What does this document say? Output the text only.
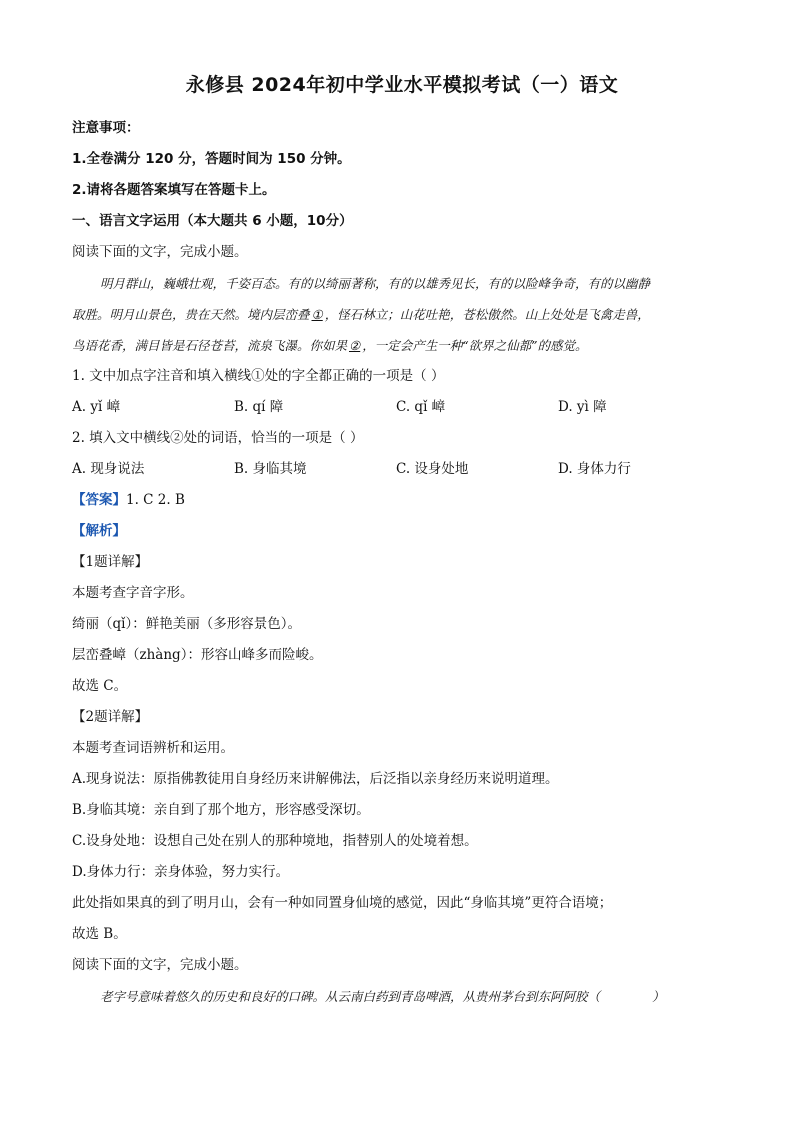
永修县 2024年初中学业水平模拟考试（一）语文
注意事项：
1.全卷满分 120 分，答题时间为 150 分钟。
2.请将各题答案填写在答题卡上。
一、语言文字运用（本大题共 6 小题，10分）
阅读下面的文字，完成小题。
明月群山，巍峨壮观，千姿百态。有的以绮丽著称，有的以雄秀见长，有的以险峰争奇，有的以幽静
取胜。明月山景色，贵在天然。境内层峦叠 ① ，怪石林立；山花吐艳，苍松傲然。山上处处是飞禽走兽，
鸟语花香，满目皆是石径苍苔，流泉飞瀑。你如果 ② ，一定会产生一种“欲界之仙都”的感觉。
1. 文中加点字注音和填入横线①处的字全都正确的一项是（ ）
A. yǐ 嶂	B. qí 障	C. qǐ 嶂	D. yì 障
2. 填入文中横线②处的词语，恰当的一项是（ ）
A. 现身说法	B. 身临其境	C. 设身处地	D. 身体力行
【答案】1. C 2. B
【解析】
【1题详解】
本题考查字音字形。
绮丽（qǐ）：鲜艳美丽（多形容景色）。
层峦叠嶂（zhàng）：形容山峰多而险峻。
故选 C。
【2题详解】
本题考查词语辨析和运用。
A.现身说法：原指佛教徒用自身经历来讲解佛法，后泛指以亲身经历来说明道理。
B.身临其境：亲自到了那个地方，形容感受深切。
C.设身处地：设想自己处在别人的那种境地，指替别人的处境着想。
D.身体力行：亲身体验，努力实行。
此处指如果真的到了明月山，会有一种如同置身仙境的感觉，因此“身临其境”更符合语境；
故选 B。
阅读下面的文字，完成小题。
老字号意味着悠久的历史和良好的口碑。从云南白药到青岛啤酒，从贵州茅台到东阿阿胶（	）
